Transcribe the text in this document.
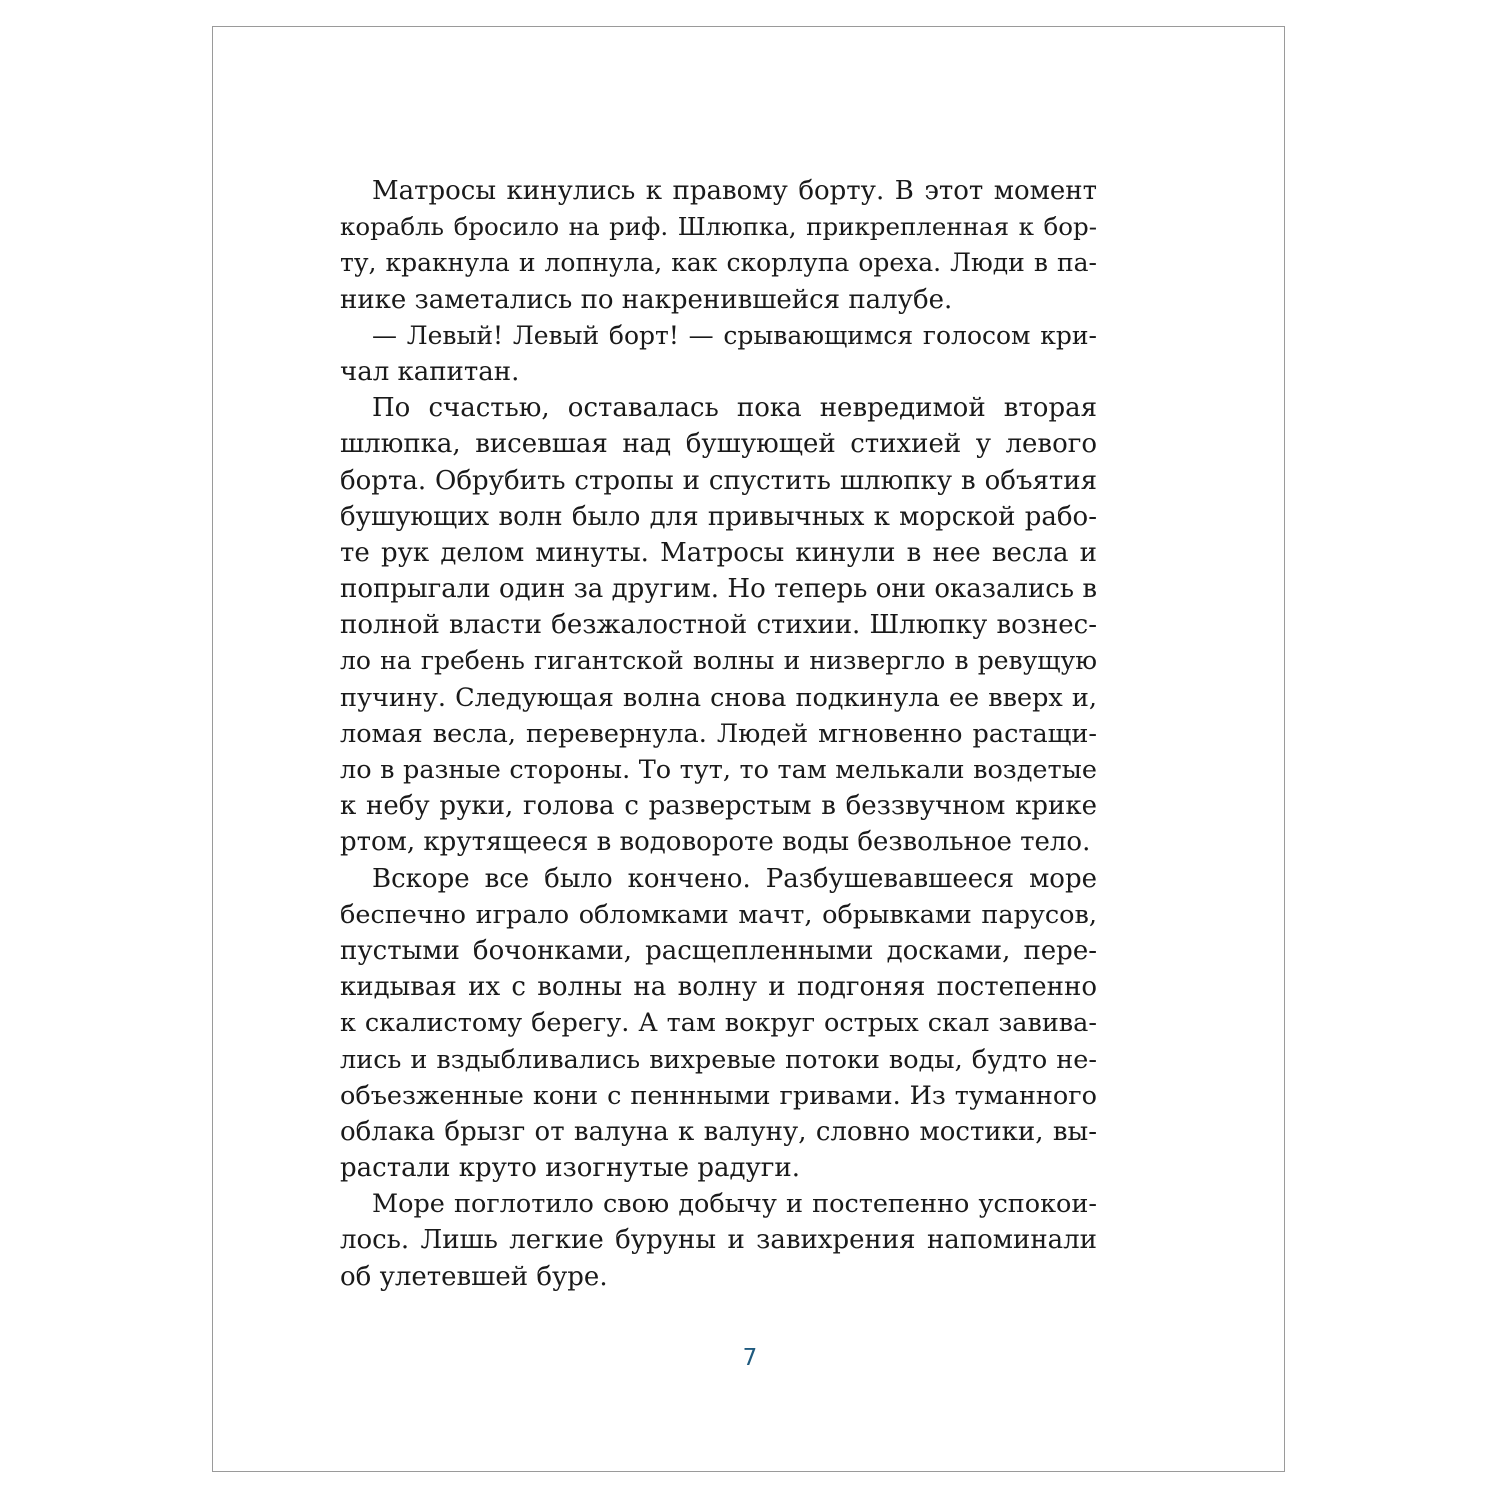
Матросы кинулись к правому борту. В этот момент
корабль бросило на риф. Шлюпка, прикрепленная к бор-
ту, кракнула и лопнула, как скорлупа ореха. Люди в па-
нике заметались по накренившейся палубе.
— Левый! Левый борт! — срывающимся голосом кри-
чал капитан.
По счастью, оставалась пока невредимой вторая
шлюпка, висевшая над бушующей стихией у левого
борта. Обрубить стропы и спустить шлюпку в объятия
бушующих волн было для привычных к морской рабо-
те рук делом минуты. Матросы кинули в нее весла и
попрыгали один за другим. Но теперь они оказались в
полной власти безжалостной стихии. Шлюпку вознес-
ло на гребень гигантской волны и низвергло в ревущую
пучину. Следующая волна снова подкинула ее вверх и,
ломая весла, перевернула. Людей мгновенно растащи-
ло в разные стороны. То тут, то там мелькали воздетые
к небу руки, голова с разверстым в беззвучном крике
ртом, крутящееся в водовороте воды безвольное тело.
Вскоре все было кончено. Разбушевавшееся море
беспечно играло обломками мачт, обрывками парусов,
пустыми бочонками, расщепленными досками, пере-
кидывая их с волны на волну и подгоняя постепенно
к скалистому берегу. А там вокруг острых скал завива-
лись и вздыбливались вихревые потоки воды, будто не-
объезженные кони с пеннными гривами. Из туманного
облака брызг от валуна к валуну, словно мостики, вы-
растали круто изогнутые радуги.
Море поглотило свою добычу и постепенно успокои-
лось. Лишь легкие буруны и завихрения напоминали
об улетевшей буре.
7
